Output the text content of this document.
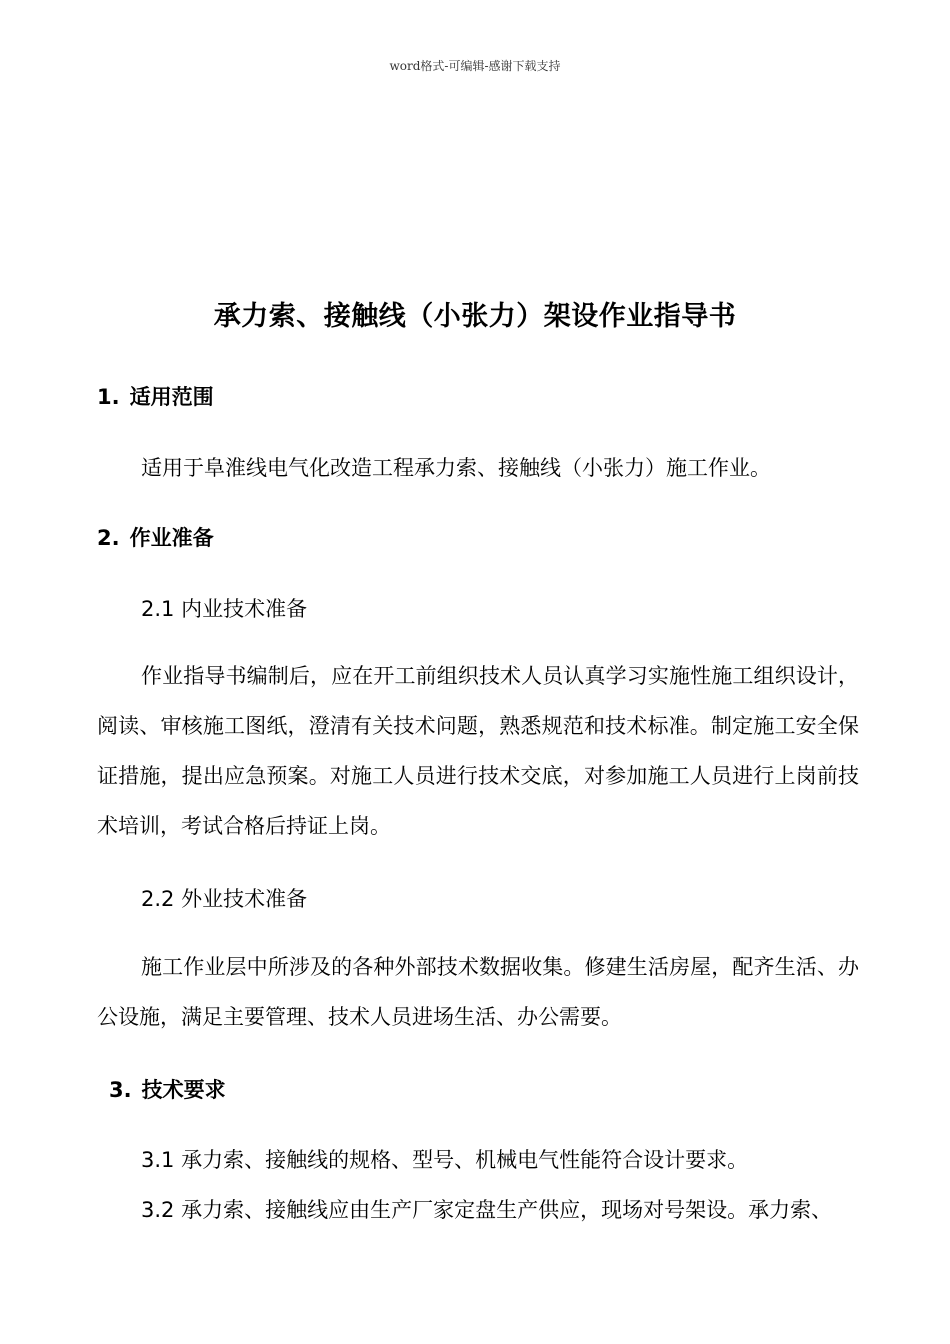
word格式-可编辑-感谢下载支持
承力索、接触线（小张力）架设作业指导书
1. 适用范围
适用于阜淮线电气化改造工程承力索、接触线（小张力）施工作业。
2. 作业准备
2.1 内业技术准备
作业指导书编制后，应在开工前组织技术人员认真学习实施性施工组织设计，阅读、审核施工图纸，澄清有关技术问题，熟悉规范和技术标准。制定施工安全保证措施，提出应急预案。对施工人员进行技术交底，对参加施工人员进行上岗前技术培训，考试合格后持证上岗。
2.2 外业技术准备
施工作业层中所涉及的各种外部技术数据收集。修建生活房屋，配齐生活、办公设施，满足主要管理、技术人员进场生活、办公需要。
3. 技术要求
3.1 承力索、接触线的规格、型号、机械电气性能符合设计要求。
3.2 承力索、接触线应由生产厂家定盘生产供应，现场对号架设。承力索、
